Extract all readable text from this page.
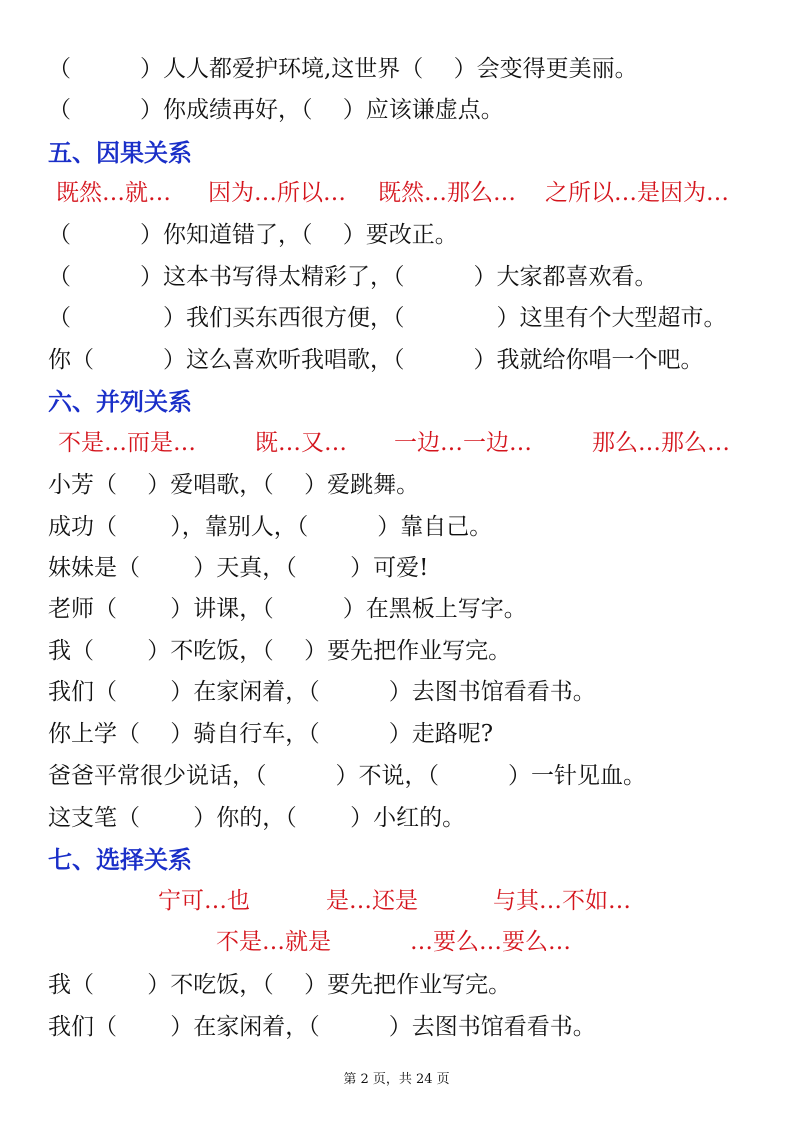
（　　　）人人都爱护环境,这世界（　 ）会变得更美丽。
（　　　）你成绩再好，（　 ）应该谦虚点。
五、因果关系
既然…就… 因为…所以… 既然…那么… 之所以…是因为…
（　　　）你知道错了，（　 ）要改正。
（　　　）这本书写得太精彩了，（　　　）大家都喜欢看。
（　　　　）我们买东西很方便，（　　　　）这里有个大型超市。
你（　　　）这么喜欢听我唱歌，（　　　）我就给你唱一个吧。
六、并列关系
不是…而是…	既…又… 一边…一边…	那么…那么…
小芳（　 ）爱唱歌，（　 ）爱跳舞。
成功（　　 ），靠别人，（　　　）靠自己。
妹妹是（　　 ）天真，（　　 ）可爱!
老师（　　 ）讲课，（　　　）在黑板上写字。
我（　　 ）不吃饭，（　 ）要先把作业写完。
我们（　　 ）在家闲着，（　　　）去图书馆看看书。
你上学（　 ）骑自行车，（　　　）走路呢?
爸爸平常很少说话，（　　　）不说，（　　　）一针见血。
这支笔（　　 ）你的，（　　 ）小红的。
七、选择关系
宁可…也	是…还是	与其…不如…
不是…就是	…要么…要么…
我（　　 ）不吃饭，（　 ）要先把作业写完。
我们（　　 ）在家闲着，（　　　）去图书馆看看书。
第 2 页，共 24 页
